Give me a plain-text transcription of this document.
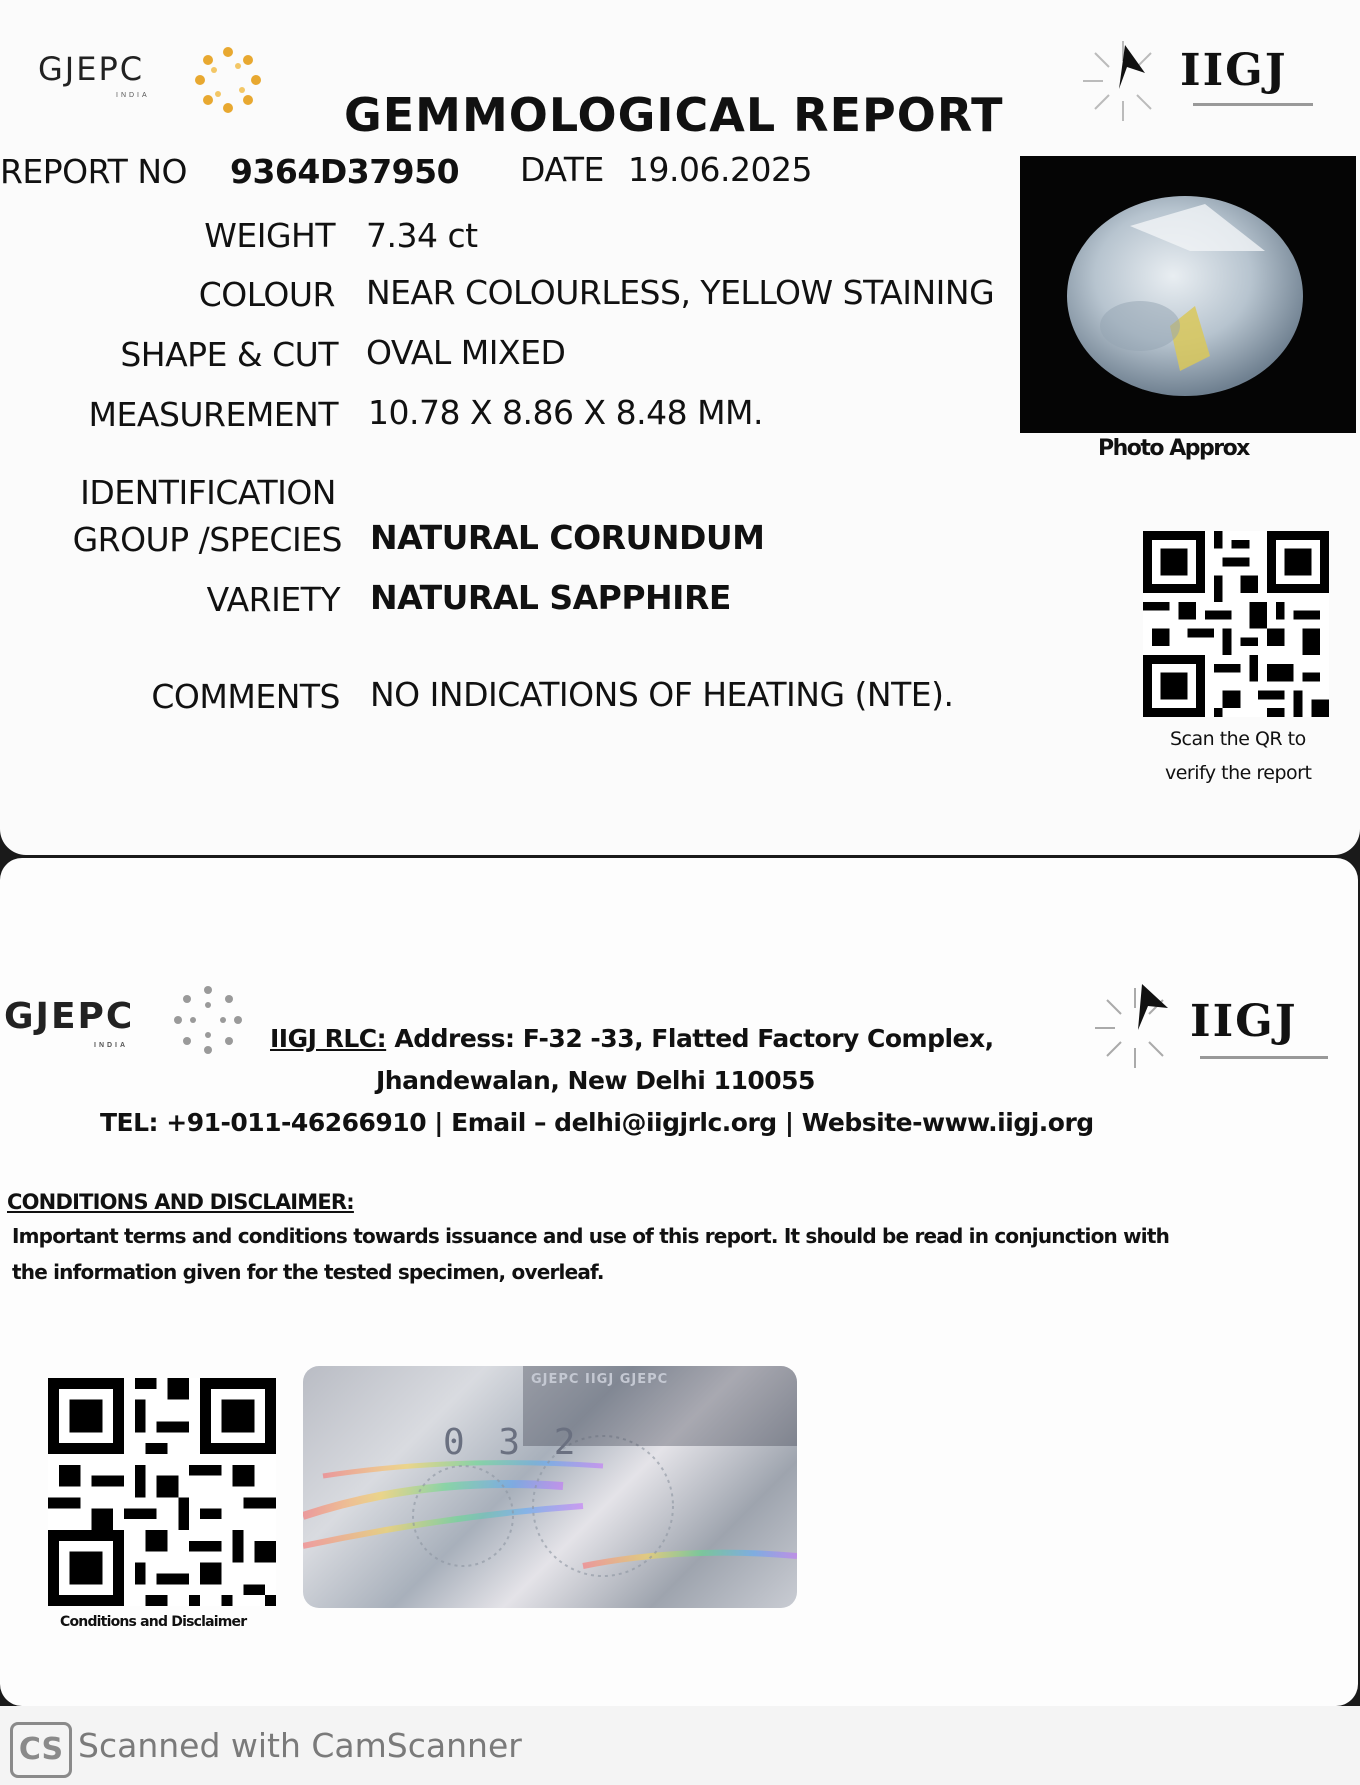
GJEPC
INDIA	IIGJ
GEMMOLOGICAL REPORT
REPORT NO 9364D37950 DATE 19.06.2025
WEIGHT 7.34 ct
COLOUR NEAR COLOURLESS, YELLOW STAINING
SHAPE & CUT OVAL MIXED
MEASUREMENT 10.78 X 8.86 X 8.48 MM.
IDENTIFICATION
GROUP /SPECIES NATURAL CORUNDUM
VARIETY NATURAL SAPPHIRE
COMMENTS NO INDICATIONS OF HEATING (NTE).
Photo Approx
Scan the QR to
verify the report
GJEPC
INDIA	IIGJ
IIGJ RLC: Address: F-32 -33, Flatted Factory Complex,
Jhandewalan, New Delhi 110055
TEL: +91-011-46266910 | Email – delhi@iigjrlc.org | Website-www.iigj.org
CONDITIONS AND DISCLAIMER:
Important terms and conditions towards issuance and use of this report. It should be read in conjunction with
the information given for the tested specimen, overleaf.
Conditions and Disclaimer
0 3 2
GJEPC IIGJ GJEPC
CS Scanned with CamScanner
